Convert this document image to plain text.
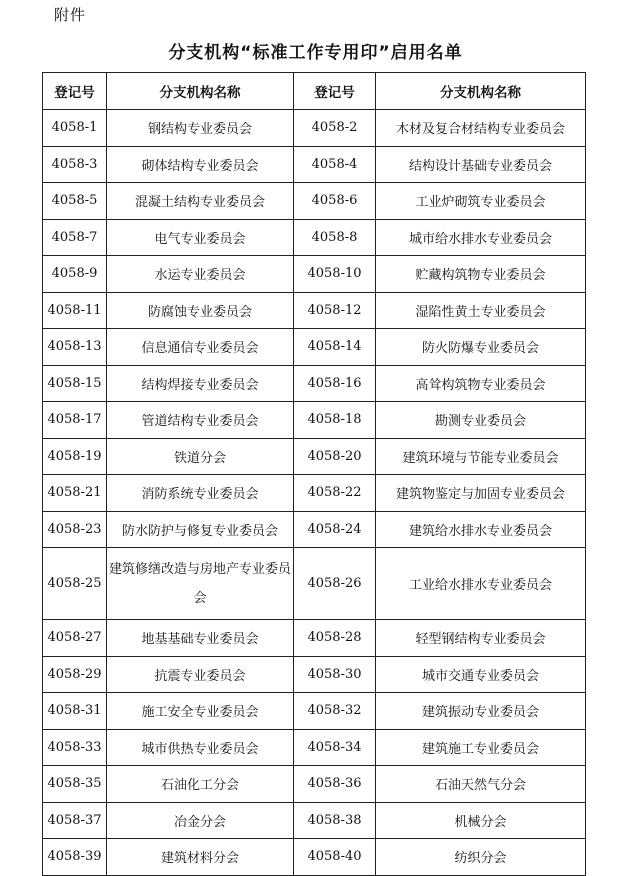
附件
分支机构“标准工作专用印”启用名单
登记号	分支机构名称	登记号	分支机构名称
4058-1	钢结构专业委员会	4058-2	木材及复合材结构专业委员会
4058-3	砌体结构专业委员会	4058-4	结构设计基础专业委员会
4058-5	混凝土结构专业委员会	4058-6	工业炉砌筑专业委员会
4058-7	电气专业委员会	4058-8	城市给水排水专业委员会
4058-9	水运专业委员会	4058-10	贮藏构筑物专业委员会
4058-11	防腐蚀专业委员会	4058-12	湿陷性黄土专业委员会
4058-13	信息通信专业委员会	4058-14	防火防爆专业委员会
4058-15	结构焊接专业委员会	4058-16	高耸构筑物专业委员会
4058-17	管道结构专业委员会	4058-18	勘测专业委员会
4058-19	铁道分会	4058-20	建筑环境与节能专业委员会
4058-21	消防系统专业委员会	4058-22	建筑物鉴定与加固专业委员会
4058-23	防水防护与修复专业委员会	4058-24	建筑给水排水专业委员会
4058-25	建筑修缮改造与房地产专业委员会	4058-26	工业给水排水专业委员会
4058-27	地基基础专业委员会	4058-28	轻型钢结构专业委员会
4058-29	抗震专业委员会	4058-30	城市交通专业委员会
4058-31	施工安全专业委员会	4058-32	建筑振动专业委员会
4058-33	城市供热专业委员会	4058-34	建筑施工专业委员会
4058-35	石油化工分会	4058-36	石油天然气分会
4058-37	冶金分会	4058-38	机械分会
4058-39	建筑材料分会	4058-40	纺织分会
